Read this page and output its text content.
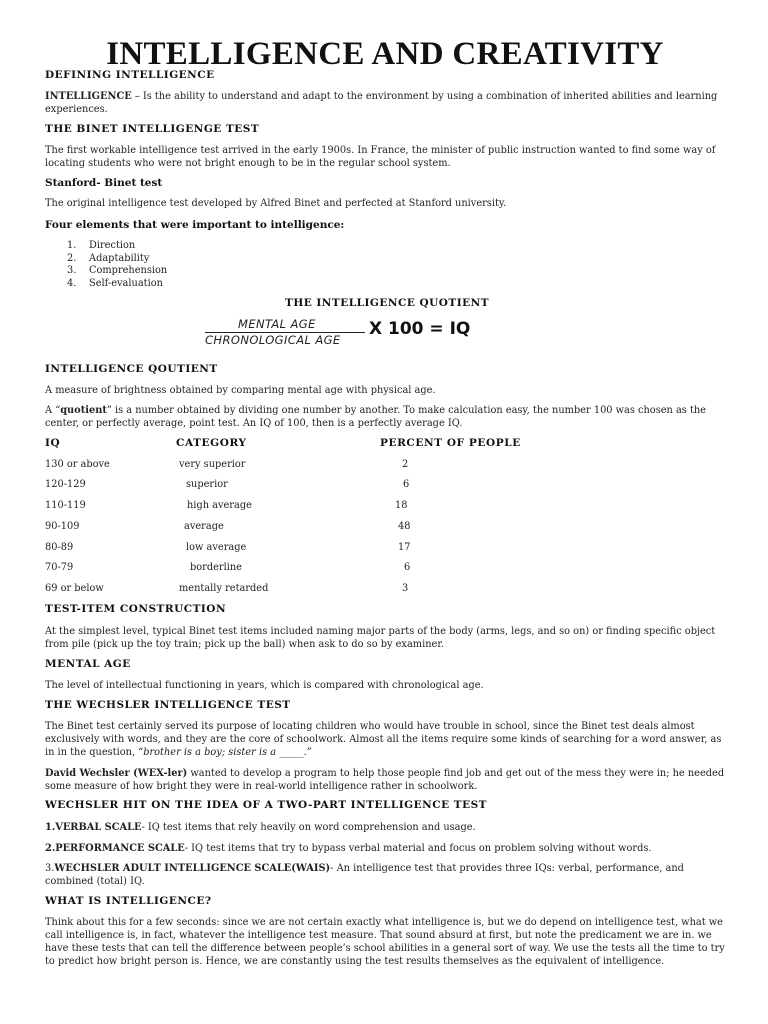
INTELLIGENCE AND CREATIVITY
DEFINING INTELLIGENCE
INTELLIGENCE – Is the ability to understand and adapt to the environment by using a combination of inherited abilities and learning experiences.
THE BINET INTELLIGENGE TEST
The first workable intelligence test arrived in the early 1900s. In France, the minister of public instruction wanted to find some way of locating students who were not bright enough to be in the regular school system.
Stanford- Binet test
The original intelligence test developed by Alfred Binet and perfected at Stanford university.
Four elements that were important to intelligence:
1. Direction
2. Adaptability
3. Comprehension
4. Self-evaluation
THE INTELLIGENCE QUOTIENT
MENTAL AGE
CHRONOLOGICAL AGE
X 100 = IQ
INTELLIGENCE QOUTIENT
A measure of brightness obtained by comparing mental age with physical age.
A “quotient” is a number obtained by dividing one number by another. To make calculation easy, the number 100 was chosen as the center, or perfectly average, point test. An IQ of 100, then is a perfectly average IQ.
IQ	CATEGORY	PERCENT OF PEOPLE
130 or above	very superior	2
120-129	superior	6
110-119	high average	18
90-109	average	48
80-89	low average	17
70-79	borderline	6
69 or below	mentally retarded	3
TEST-ITEM CONSTRUCTION
At the simplest level, typical Binet test items included naming major parts of the body (arms, legs, and so on) or finding specific object from pile (pick up the toy train; pick up the ball) when ask to do so by examiner.
MENTAL AGE
The level of intellectual functioning in years, which is compared with chronological age.
THE WECHSLER INTELLIGENCE TEST
The Binet test certainly served its purpose of locating children who would have trouble in school, since the Binet test deals almost exclusively with words, and they are the core of schoolwork. Almost all the items require some kinds of searching for a word answer, as in in the question, “brother is a boy; sister is a _____.”
David Wechsler (WEX-ler) wanted to develop a program to help those people find job and get out of the mess they were in; he needed some measure of how bright they were in real-world intelligence rather in schoolwork.
WECHSLER HIT ON THE IDEA OF A TWO-PART INTELLIGENCE TEST
1.VERBAL SCALE- IQ test items that rely heavily on word comprehension and usage.
2.PERFORMANCE SCALE- IQ test items that try to bypass verbal material and focus on problem solving without words.
3.WECHSLER ADULT INTELLIGENCE SCALE(WAIS)- An intelligence test that provides three IQs: verbal, performance, and combined (total) IQ.
WHAT IS INTELLIGENCE?
Think about this for a few seconds: since we are not certain exactly what intelligence is, but we do depend on intelligence test, what we call intelligence is, in fact, whatever the intelligence test measure. That sound absurd at first, but note the predicament we are in. we have these tests that can tell the difference between people’s school abilities in a general sort of way. We use the tests all the time to try to predict how bright person is. Hence, we are constantly using the test results themselves as the equivalent of intelligence.
